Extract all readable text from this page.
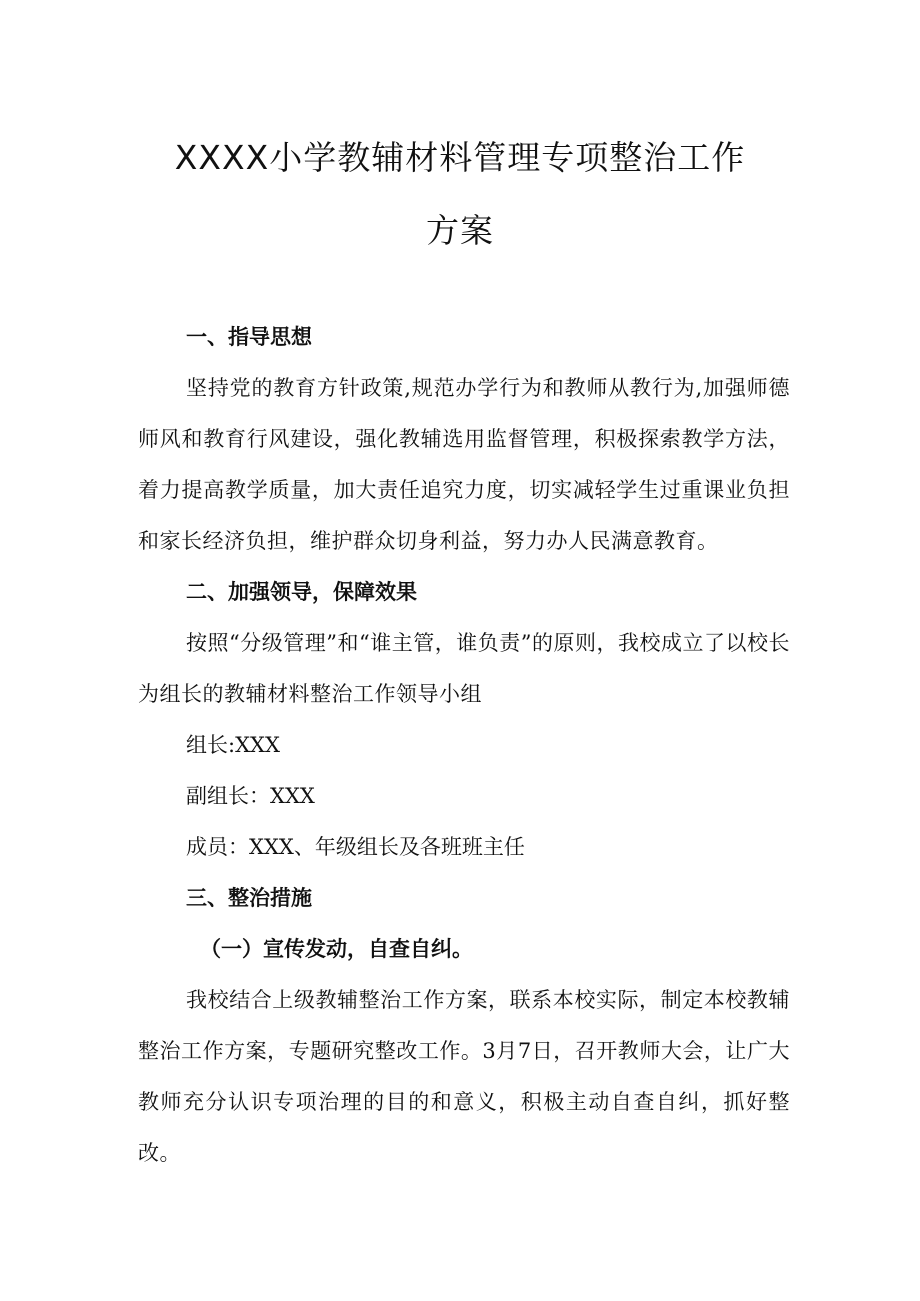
XXXX小学教辅材料管理专项整治工作
方案
一、指导思想

坚持党的教育方针政策,规范办学行为和教师从教行为,加强师德师风和教育行风建设，强化教辅选用监督管理，积极探索教学方法，着力提高教学质量，加大责任追究力度，切实减轻学生过重课业负担和家长经济负担，维护群众切身利益，努力办人民满意教育。

二、加强领导，保障效果

按照“分级管理”和“谁主管，谁负责”的原则，我校成立了以校长为组长的教辅材料整治工作领导小组

组长:XXX

副组长：XXX

成员：XXX、年级组长及各班班主任

三、整治措施
（一）宣传发动，自查自纠。

我校结合上级教辅整治工作方案，联系本校实际，制定本校教辅整治工作方案，专题研究整改工作。3月7日，召开教师大会，让广大教师充分认识专项治理的目的和意义，积极主动自查自纠，抓好整改。
